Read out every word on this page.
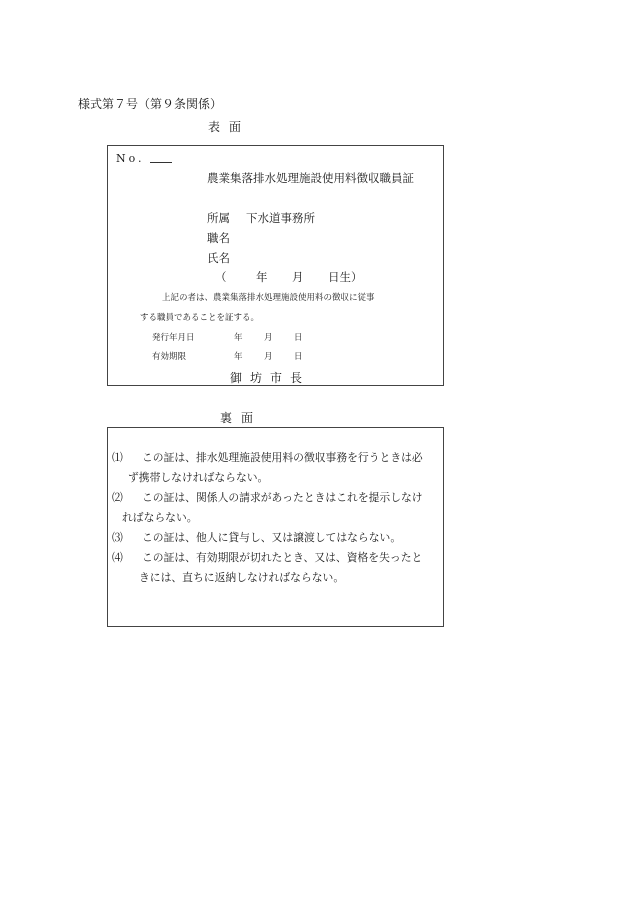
様式第７号（第９条関係）
表面
No.
農業集落排水処理施設使用料徴収職員証
所属 下水道事務所
職名
氏名
（	年 月 日生）
上記の者は、農業集落排水処理施設使用料の徴収に従事
する職員であることを証する。
発行年月日	年	月	日
有効期限	年	月	日
御坊市長
裏面
⑴ この証は、排水処理施設使用料の徴収事務を行うときは必
ず携帯しなければならない。
⑵ この証は、関係人の請求があったときはこれを提示しなけ
ればならない。
⑶ この証は、他人に貸与し、又は譲渡してはならない。
⑷ この証は、有効期限が切れたとき、又は、資格を失ったと
きには、直ちに返納しなければならない。
